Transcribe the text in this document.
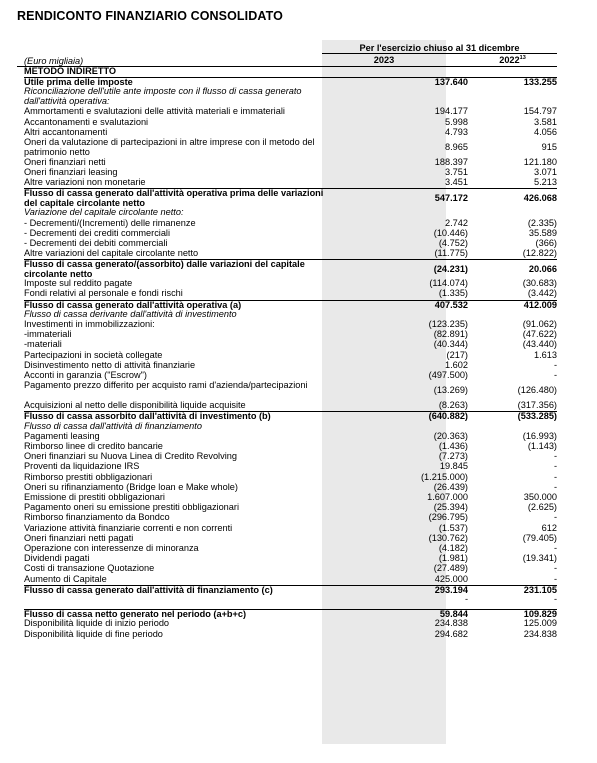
RENDICONTO FINANZIARIO CONSOLIDATO
Per l'esercizio chiuso al 31 dicembre
2023	2022$^{13}$
(Euro migliaia)
METODO INDIRETTO
Utile prima delle imposte	137.640	133.255
Riconciliazione dell'utile ante imposte con il flusso di cassa generato dall'attività operativa:
Ammortamenti e svalutazioni delle attività materiali e immateriali	194.177	154.797
Accantonamenti e svalutazioni	5.998	3.581
Altri accantonamenti	4.793	4.056
Oneri da valutazione di partecipazioni in altre imprese con il metodo del patrimonio netto	8.965	915
Oneri finanziari netti	188.397	121.180
Oneri finanziari leasing	3.751	3.071
Altre variazioni non monetarie	3.451	5.213
Flusso di cassa generato dall'attività operativa prima delle variazioni del capitale circolante netto	547.172	426.068
Variazione del capitale circolante netto:
- Decrementi/(Incrementi) delle rimanenze	2.742	(2.335)
- Decrementi dei crediti commerciali	(10.446)	35.589
- Decrementi dei debiti commerciali	(4.752)	(366)
Altre variazioni del capitale circolante netto	(11.775)	(12.822)
Flusso di cassa generato/(assorbito) dalle variazioni del capitale circolante netto	(24.231)	20.066
Imposte sul reddito pagate	(114.074)	(30.683)
Fondi relativi al personale e fondi rischi	(1.335)	(3.442)
Flusso di cassa generato dall'attività operativa (a)	407.532	412.009
Flusso di cassa derivante dall'attività di investimento
Investimenti in immobilizzazioni:	(123.235)	(91.062)
-immateriali	(82.891)	(47.622)
-materiali	(40.344)	(43.440)
Partecipazioni in società collegate	(217)	1.613
Disinvestimento netto di attività finanziarie	1.602	-
Acconti in garanzia ("Escrow")	(497.500)	-
Pagamento prezzo differito per acquisto rami d'azienda/partecipazioni
(13.269)	(126.480)
Acquisizioni al netto delle disponibilità liquide acquisite	(8.263)	(317.356)
Flusso di cassa assorbito dall'attività di investimento (b)	(640.882)	(533.285)
Flusso di cassa dall'attività di finanziamento
Pagamenti leasing	(20.363)	(16.993)
Rimborso linee di credito bancarie	(1.436)	(1.143)
Oneri finanziari su Nuova Linea di Credito Revolving	(7.273)	-
Proventi da liquidazione IRS	19.845	-
Rimborso prestiti obbligazionari	(1.215.000)	-
Oneri su rifinanziamento (Bridge loan e Make whole)	(26.439)	-
Emissione di prestiti obbligazionari	1.607.000	350.000
Pagamento oneri su emissione prestiti obbligazionari	(25.394)	(2.625)
Rimborso finanziamento da Bondco	(296.795)	-
Variazione attività finanziarie correnti e non correnti	(1.537)	612
Oneri finanziari netti pagati	(130.762)	(79.405)
Operazione con interessenze di minoranza	(4.182)	-
Dividendi pagati	(1.981)	(19.341)
Costi di transazione Quotazione	(27.489)	-
Aumento di Capitale	425.000	-
Flusso di cassa generato dall'attività di finanziamento (c)	293.194	231.105
-	-
Flusso di cassa netto generato nel periodo (a+b+c)	59.844	109.829
Disponibilità liquide di inizio periodo	234.838	125.009
Disponibilità liquide di fine periodo	294.682	234.838
